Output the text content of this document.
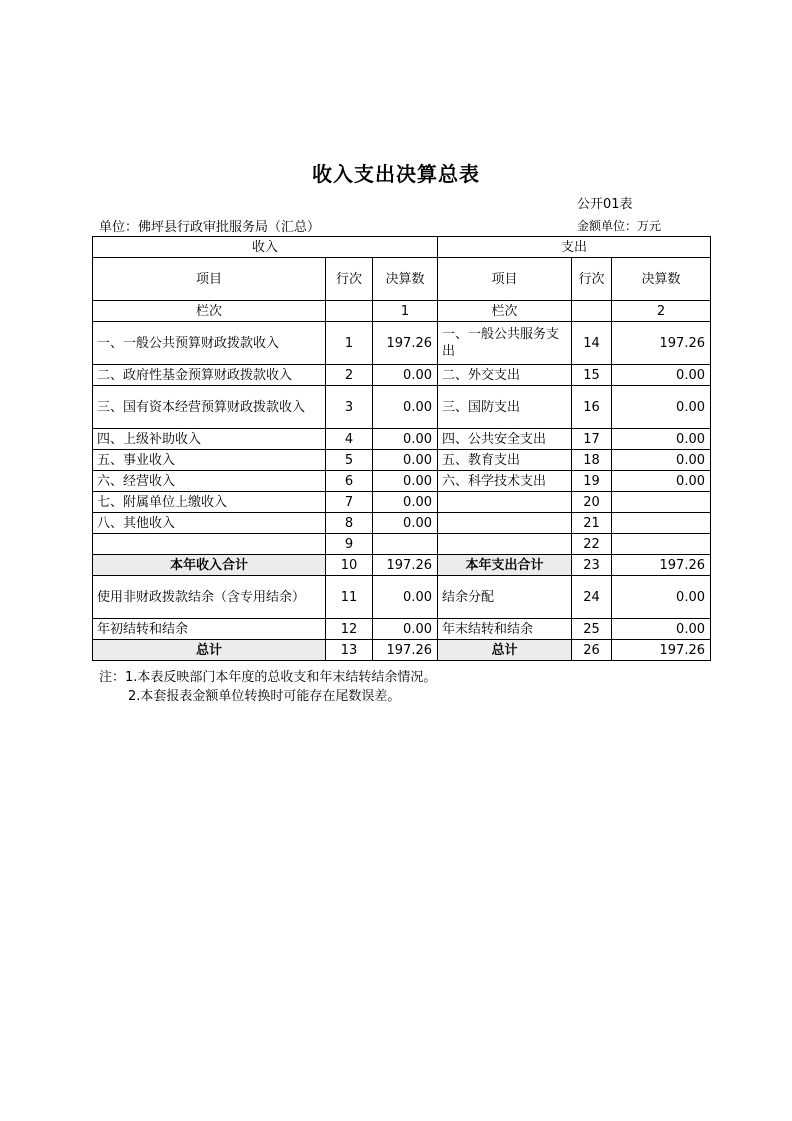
收入支出决算总表
公开01表
单位：佛坪县行政审批服务局（汇总）	金额单位：万元
收入			支出		
项目	行次	决算数	项目	行次	决算数
栏次		1	栏次		2
一、一般公共预算财政拨款收入	1	197.26	一、一般公共服务支出	14	197.26
二、政府性基金预算财政拨款收入	2	0.00	二、外交支出	15	0.00
三、国有资本经营预算财政拨款收入	3	0.00	三、国防支出	16	0.00
四、上级补助收入	4	0.00	四、公共安全支出	17	0.00
五、事业收入	5	0.00	五、教育支出	18	0.00
六、经营收入	6	0.00	六、科学技术支出	19	0.00
七、附属单位上缴收入	7	0.00		20	
八、其他收入	8	0.00		21	
	9			22	
本年收入合计	10	197.26	本年支出合计	23	197.26
使用非财政拨款结余（含专用结余）	11	0.00	结余分配	24	0.00
年初结转和结余	12	0.00	年末结转和结余	25	0.00
总计	13	197.26	总计	26	197.26
注：1.本表反映部门本年度的总收支和年末结转结余情况。
2.本套报表金额单位转换时可能存在尾数误差。
